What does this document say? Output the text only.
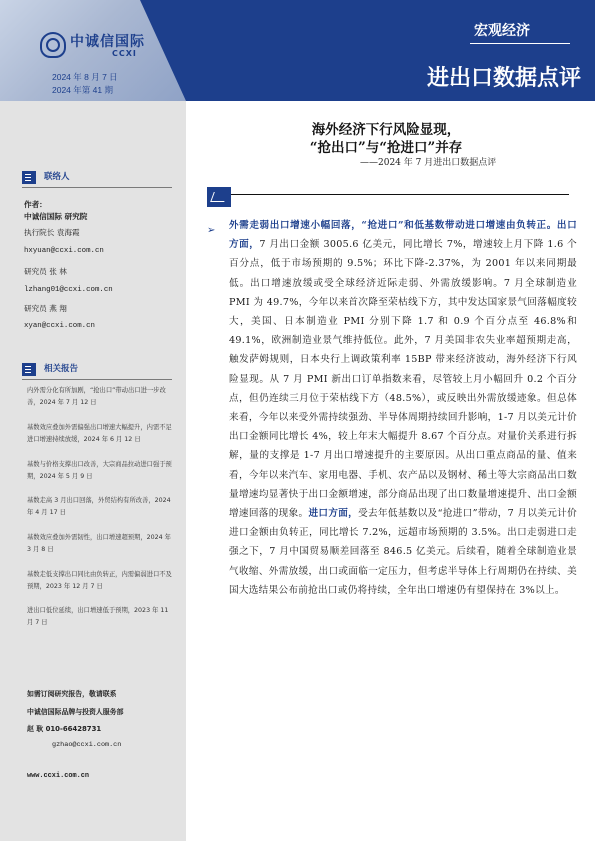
中诚信国际
CCXI
2024 年 8 月 7 日
2024 年第 41 期
宏观经济
进出口数据点评
联络人
作者：
中诚信国际 研究院
执行院长 袁海霞
hxyuan@ccxi.com.cn
研究员 张 林
lzhang01@ccxi.com.cn
研究员 燕 翔
xyan@ccxi.com.cn
相关报告
内外需分化有所加剧，“抢出口”带动出口进一步改善，2024 年 7 月 12 日
基数效应叠加外需偏强出口增速大幅提升，内需不足进口增速持续放缓，2024 年 6 月 12 日
基数与价格支撑出口改善，大宗商品拉动进口强于预期，2024 年 5 月 9 日
基数走高 3 月出口回落，外贸结构有所改善，2024 年 4 月 17 日
基数效应叠加外需韧性，出口增速超预期，2024 年 3 月 8 日
基数走低支撑出口同比由负转正，内需偏弱进口不及预期，2023 年 12 月 7 日
进出口低位延续，出口增速低于预期，2023 年 11 月 7 日
如需订阅研究报告，敬请联系
中诚信国际品牌与投资人服务部
赵 耿 010-66428731
gzhao@ccxi.com.cn
www.ccxi.com.cn
海外经济下行风险显现，
“抢出口”与“抢进口”并存
——2024 年 7 月进出口数据点评
➢ 外需走弱出口增速小幅回落，“抢进口”和低基数带动进口增速由负转正。出口方面，7 月出口金额 3005.6 亿美元，同比增长 7%，增速较上月下降 1.6 个百分点，低于市场预期的 9.5%；环比下降-2.37%，为 2001 年以来同期最低。出口增速放缓或受全球经济近际走弱、外需放缓影响。7 月全球制造业 PMI 为 49.7%，今年以来首次降至荣枯线下方，其中发达国家景气回落幅度较大，美国、日本制造业 PMI 分别下降 1.7 和 0.9 个百分点至 46.8%和 49.1%，欧洲制造业景气维持低位。此外，7 月美国非农失业率超预期走高，触发萨姆规则，日本央行上调政策利率 15BP 带来经济波动，海外经济下行风险显现。从 7 月 PMI 新出口订单指数来看，尽管较上月小幅回升 0.2 个百分点，但仍连续三月位于荣枯线下方（48.5%），或反映出外需放缓迹象。但总体来看，今年以来受外需持续强劲、半导体周期持续回升影响，1-7 月以美元计价出口金额同比增长 4%，较上年末大幅提升 8.67 个百分点。对量价关系进行拆解，量的支撑是 1-7 月出口增速提升的主要原因。从出口重点商品的量、值来看，今年以来汽车、家用电器、手机、农产品以及钢材、稀土等大宗商品出口数量增速均显著快于出口金额增速，部分商品出现了出口数量增速提升、出口金额增速回落的现象。进口方面，受去年低基数以及“抢进口”带动，7 月以美元计价进口金额由负转正，同比增长 7.2%，远超市场预期的 3.5%。出口走弱进口走强之下，7 月中国贸易顺差回落至 846.5 亿美元。后续看，随着全球制造业景气收缩、外需放缓，出口或面临一定压力，但考虑半导体上行周期仍在持续、美国大选结果公布前抢出口或仍将持续，全年出口增速仍有望保持在 3%以上。
